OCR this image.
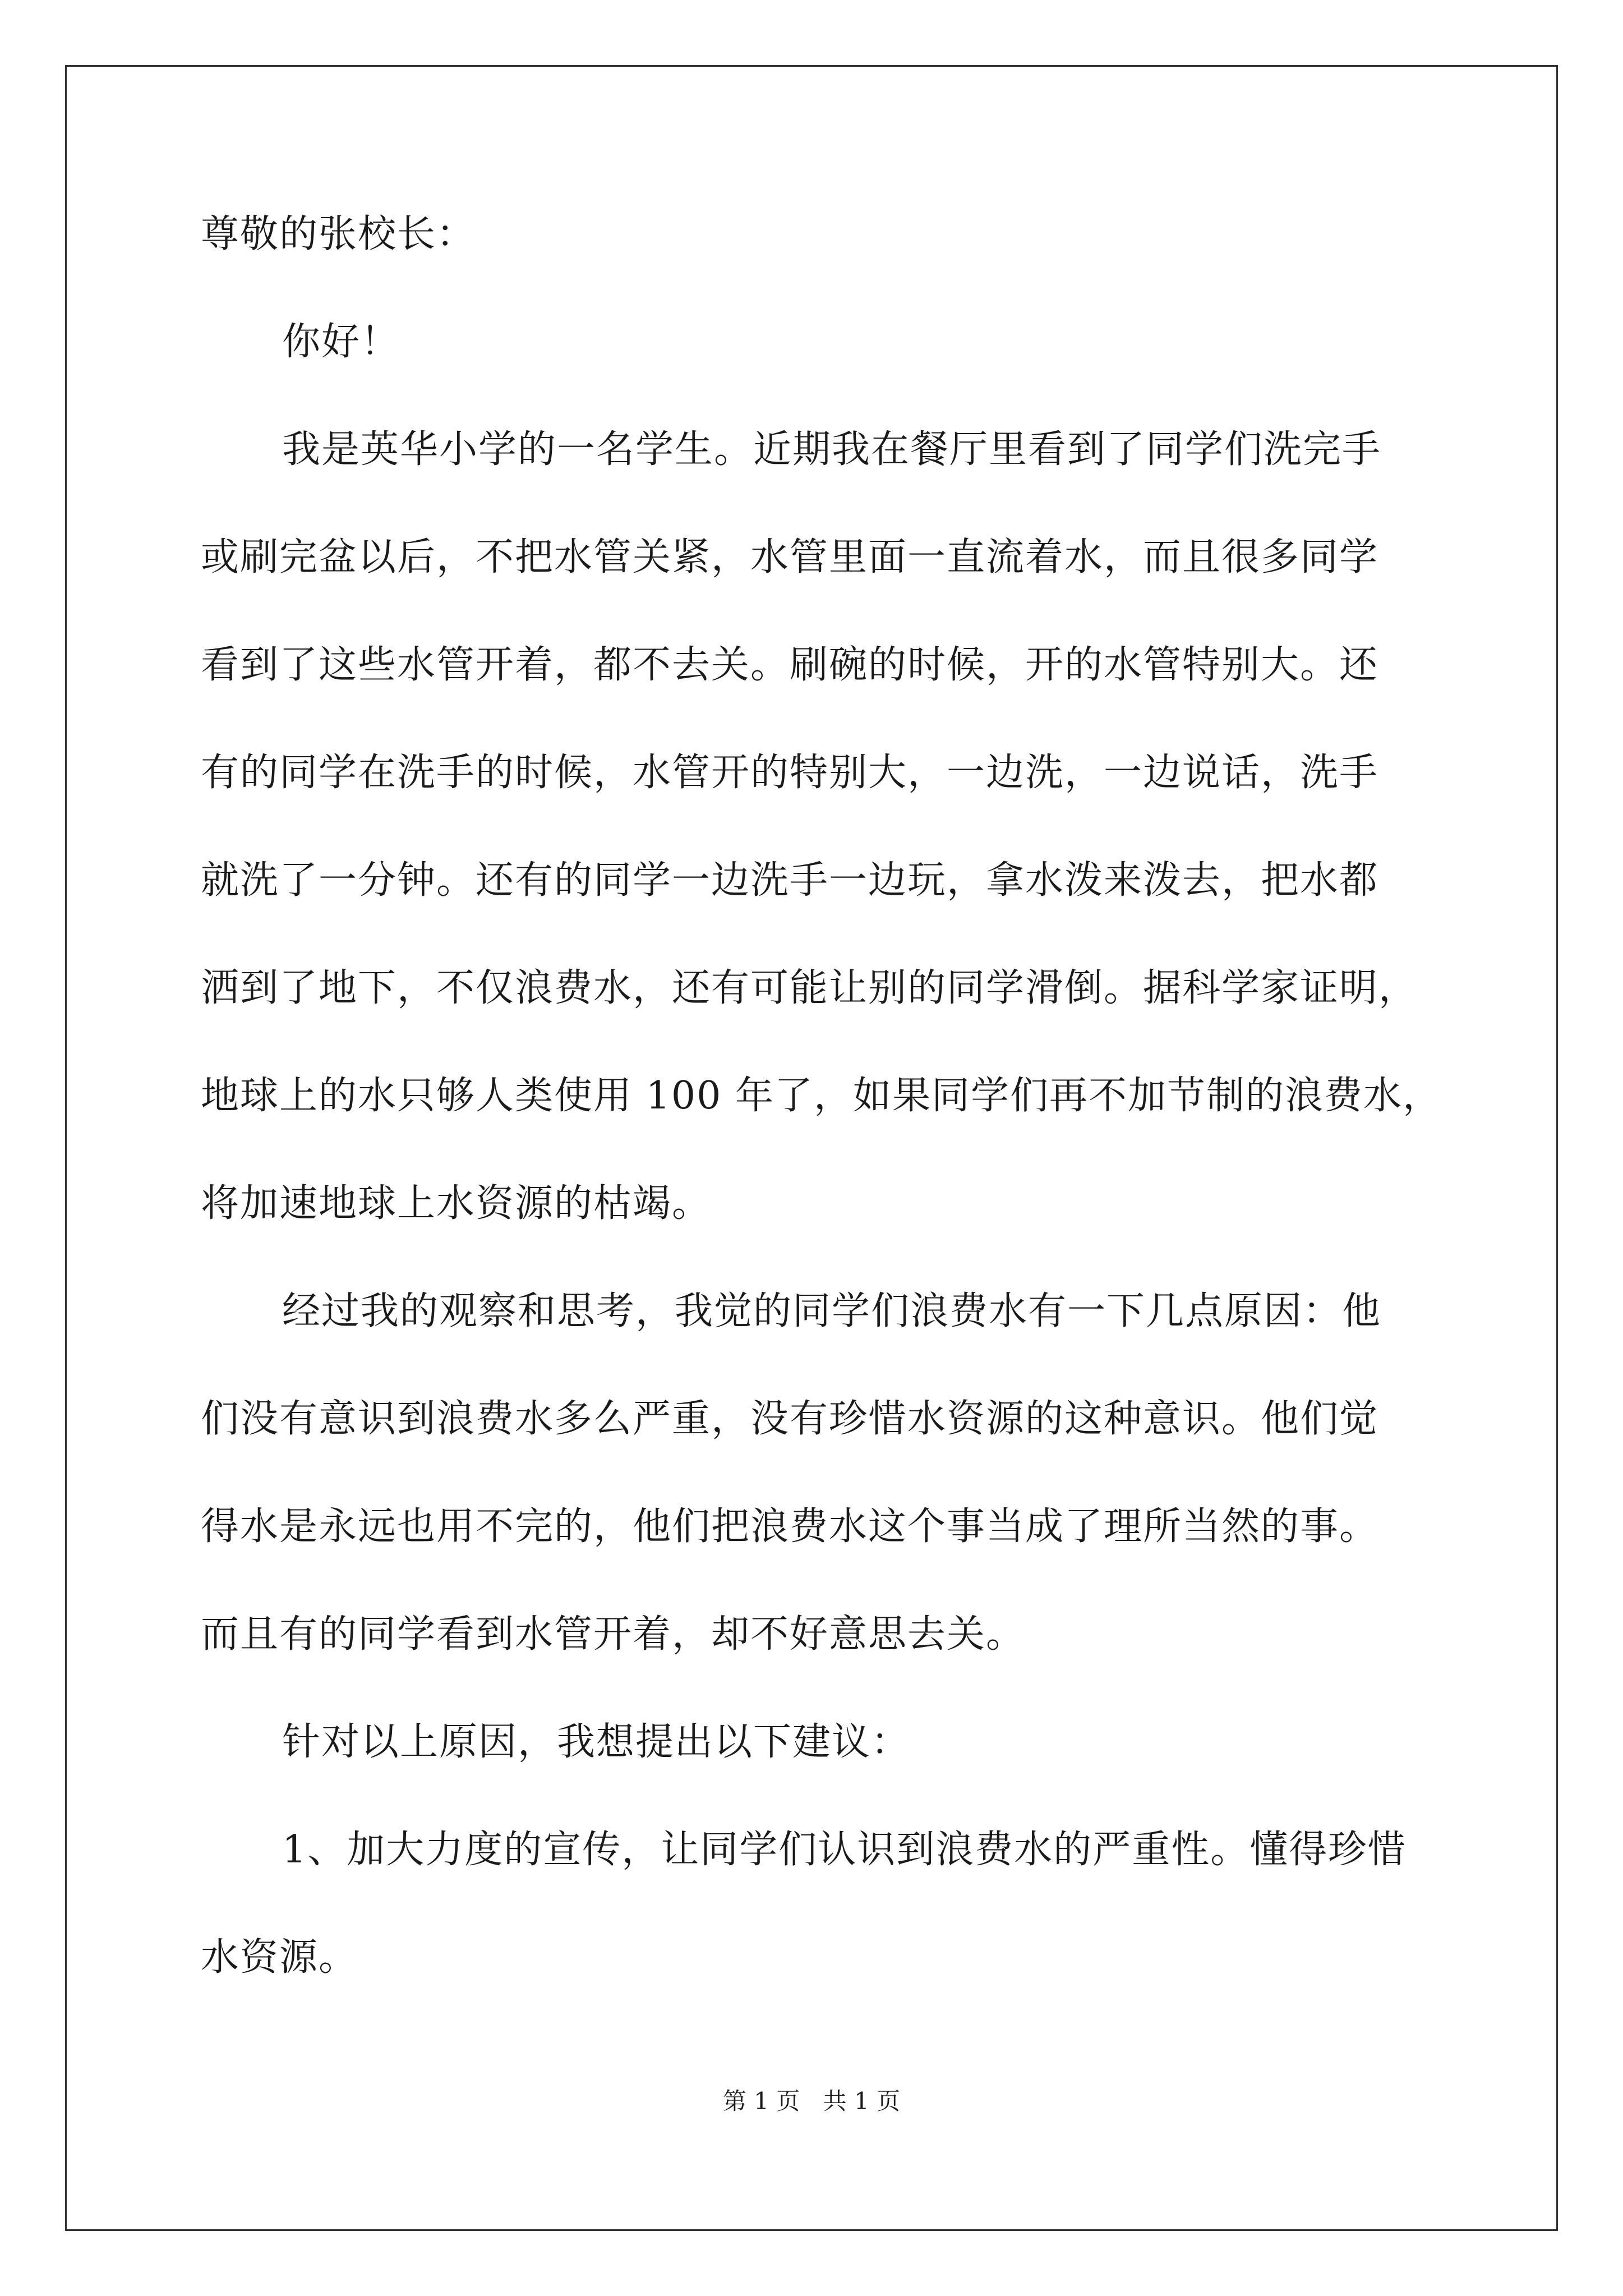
尊敬的张校长：
你好！
我是英华小学的一名学生。近期我在餐厅里看到了同学们洗完手
或刷完盆以后，不把水管关紧，水管里面一直流着水，而且很多同学
看到了这些水管开着，都不去关。刷碗的时候，开的水管特别大。还
有的同学在洗手的时候，水管开的特别大，一边洗，一边说话，洗手
就洗了一分钟。还有的同学一边洗手一边玩，拿水泼来泼去，把水都
洒到了地下，不仅浪费水，还有可能让别的同学滑倒。据科学家证明，
地球上的水只够人类使用 100 年了，如果同学们再不加节制的浪费水，
将加速地球上水资源的枯竭。
经过我的观察和思考，我觉的同学们浪费水有一下几点原因：他
们没有意识到浪费水多么严重，没有珍惜水资源的这种意识。他们觉
得水是永远也用不完的，他们把浪费水这个事当成了理所当然的事。
而且有的同学看到水管开着，却不好意思去关。
针对以上原因，我想提出以下建议：
1、加大力度的宣传，让同学们认识到浪费水的严重性。懂得珍惜
水资源。
第 1 页 共 1 页
